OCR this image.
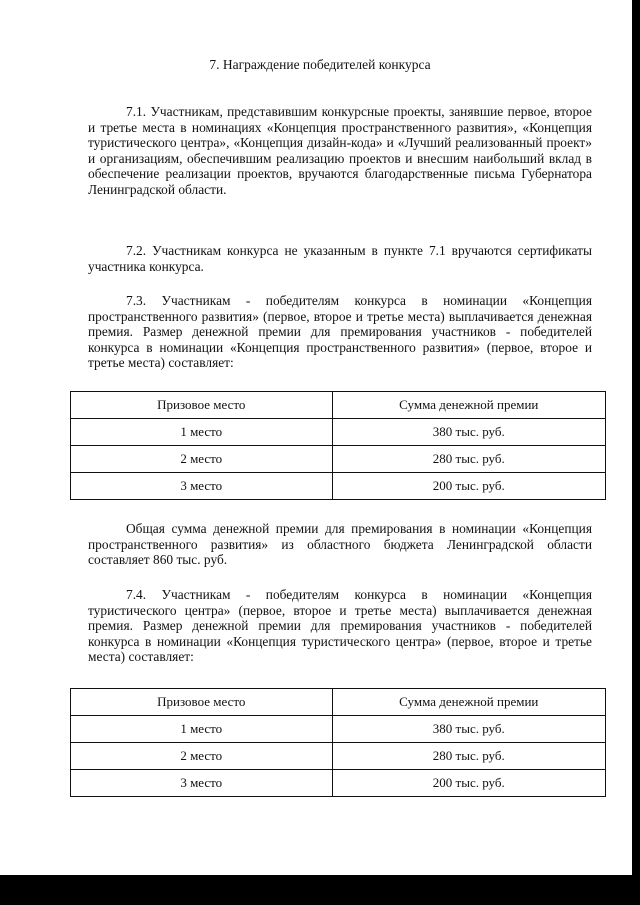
7. Награждение победителей конкурса

7.1. Участникам, представившим конкурсные проекты, занявшие первое, второе и третье места в номинациях «Концепция пространственного развития», «Концепция туристического центра», «Концепция дизайн-кода» и «Лучший реализованный проект» и организациям, обеспечившим реализацию проектов и внесшим наибольший вклад в обеспечение реализации проектов, вручаются благодарственные письма Губернатора Ленинградской области.

7.2. Участникам конкурса не указанным в пункте 7.1 вручаются сертификаты участника конкурса.

7.3. Участникам - победителям конкурса в номинации «Концепция пространственного развития» (первое, второе и третье места) выплачивается денежная премия. Размер денежной премии для премирования участников - победителей конкурса в номинации «Концепция пространственного развития» (первое, второе и третье места) составляет:

Призовое место	Сумма денежной премии
1 место	380 тыс. руб.
2 место	280 тыс. руб.
3 место	200 тыс. руб.

Общая сумма денежной премии для премирования в номинации «Концепция пространственного развития» из областного бюджета Ленинградской области составляет 860 тыс. руб.

7.4. Участникам - победителям конкурса в номинации «Концепция туристического центра» (первое, второе и третье места) выплачивается денежная премия. Размер денежной премии для премирования участников - победителей конкурса в номинации «Концепция туристического центра» (первое, второе и третье места) составляет:

Призовое место	Сумма денежной премии
1 место	380 тыс. руб.
2 место	280 тыс. руб.
3 место	200 тыс. руб.
